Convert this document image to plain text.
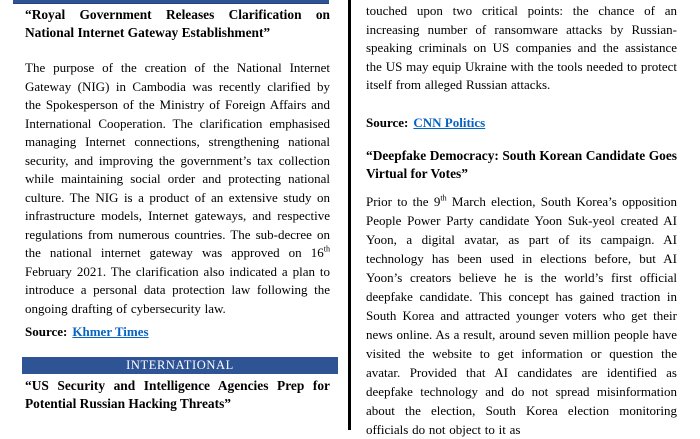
“Royal Government Releases Clarification on National Internet Gateway Establishment”

The purpose of the creation of the National Internet Gateway (NIG) in Cambodia was recently clarified by the Spokesperson of the Ministry of Foreign Affairs and International Cooperation. The clarification emphasised managing Internet connections, strengthening national security, and improving the government’s tax collection while maintaining social order and protecting national culture. The NIG is a product of an extensive study on infrastructure models, Internet gateways, and respective regulations from numerous countries. The sub-decree on the national internet gateway was approved on 16th February 2021. The clarification also indicated a plan to introduce a personal data protection law following the ongoing drafting of cybersecurity law.

Source: Khmer Times

INTERNATIONAL

“US Security and Intelligence Agencies Prep for Potential Russian Hacking Threats”

touched upon two critical points: the chance of an increasing number of ransomware attacks by Russian-speaking criminals on US companies and the assistance the US may equip Ukraine with the tools needed to protect itself from alleged Russian attacks.

Source: CNN Politics

“Deepfake Democracy: South Korean Candidate Goes Virtual for Votes”

Prior to the 9th March election, South Korea’s opposition People Power Party candidate Yoon Suk-yeol created AI Yoon, a digital avatar, as part of its campaign. AI technology has been used in elections before, but AI Yoon’s creators believe he is the world’s first official deepfake candidate. This concept has gained traction in South Korea and attracted younger voters who get their news online. As a result, around seven million people have visited the website to get information or question the avatar. Provided that AI candidates are identified as deepfake technology and do not spread misinformation about the election, South Korea election monitoring officials do not object to it as
